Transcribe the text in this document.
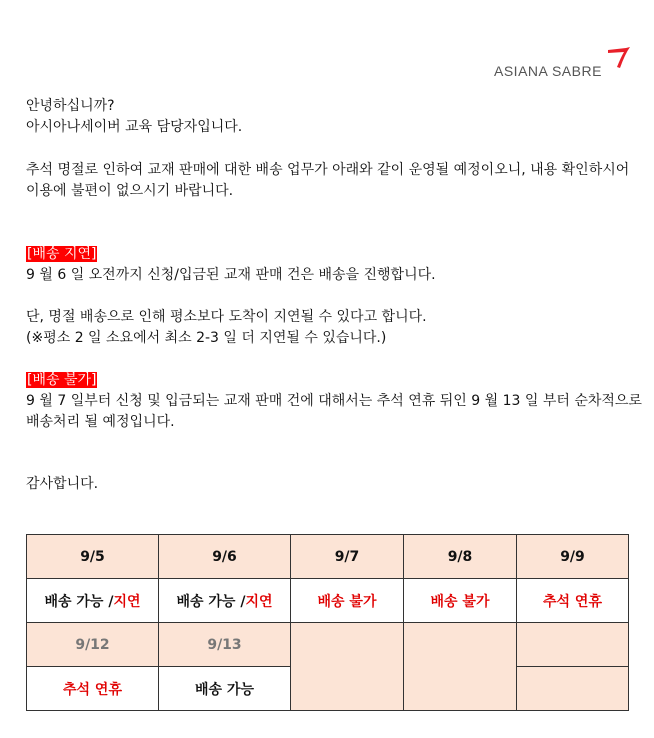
ASIANA SABRE
안녕하십니까?
아시아나세이버 교육 담당자입니다.
추석 명절로 인하여 교재 판매에 대한 배송 업무가 아래와 같이 운영될 예정이오니, 내용 확인하시어
이용에 불편이 없으시기 바랍니다.
[배송 지연]
9 월 6 일 오전까지 신청/입금된 교재 판매 건은 배송을 진행합니다.
단, 명절 배송으로 인해 평소보다 도착이 지연될 수 있다고 합니다.
(※평소 2 일 소요에서 최소 2-3 일 더 지연될 수 있습니다.)
[배송 불가]
9 월 7 일부터 신청 및 입금되는 교재 판매 건에 대해서는 추석 연휴 뒤인 9 월 13 일 부터 순차적으로
배송처리 될 예정입니다.
감사합니다.
9/5	9/6	9/7	9/8	9/9
배송 가능 /지연	배송 가능 /지연	배송 불가	배송 불가	추석 연휴
9/12	9/13			
추석 연휴	배송 가능			
